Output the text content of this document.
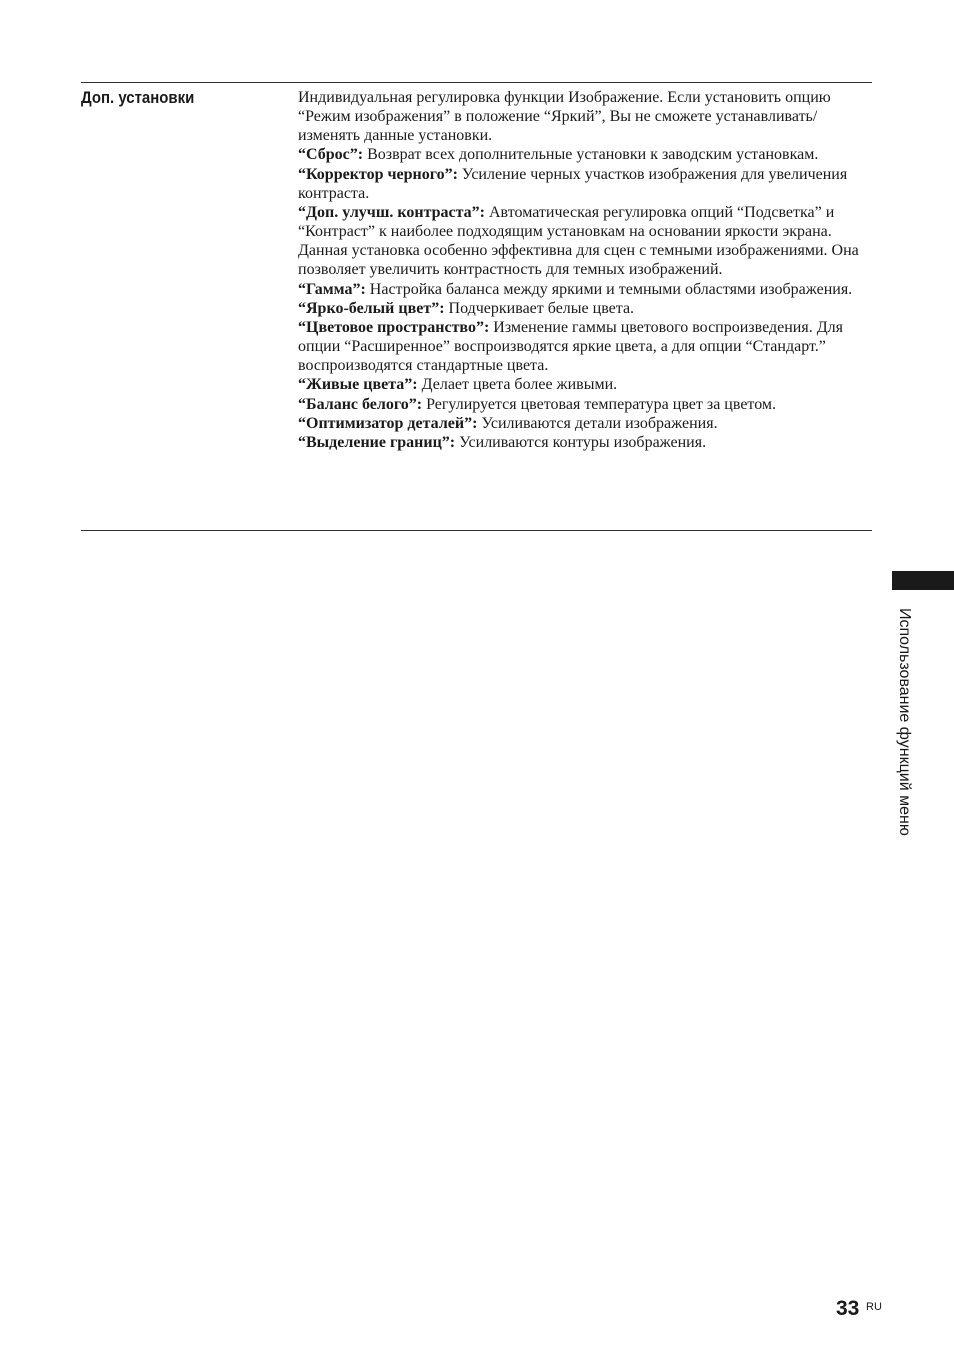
Доп. установки	Индивидуальная регулировка функции Изображение. Если установить опцию “Режим изображения” в положение “Яркий”, Вы не сможете устанавливать/изменять данные установки.

“Сброс”: Возврат всех дополнительные установки к заводским установкам.

“Корректор черного”: Усиление черных участков изображения для увеличения контраста.

“Доп. улучш. контраста”: Автоматическая регулировка опций “Подсветка” и “Контраст” к наиболее подходящим установкам на основании яркости экрана. Данная установка особенно эффективна для сцен с темными изображениями. Она позволяет увеличить контрастность для темных изображений.

“Гамма”: Настройка баланса между яркими и темными областями изображения.

“Ярко-белый цвет”: Подчеркивает белые цвета.

“Цветовое пространство”: Изменение гаммы цветового воспроизведения. Для опции “Расширенное” воспроизводятся яркие цвета, а для опции “Стандарт.” воспроизводятся стандартные цвета.

“Живые цвета”: Делает цвета более живыми.

“Баланс белого”: Регулируется цветовая температура цвет за цветом.

“Оптимизатор деталей”: Усиливаются детали изображения.

“Выделение границ”: Усиливаются контуры изображения.

Использование функций меню
33 RU
